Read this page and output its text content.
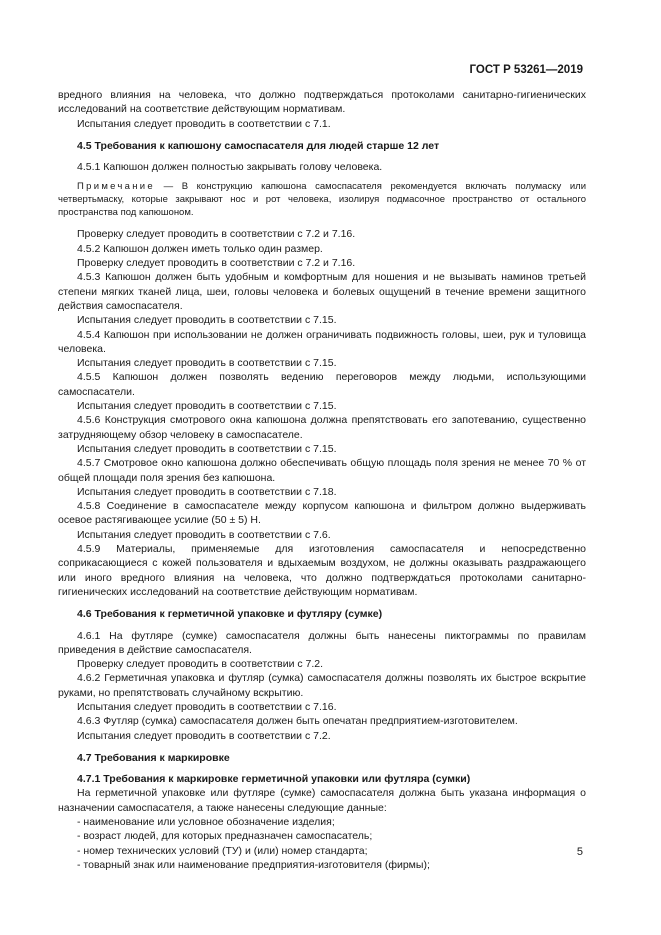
ГОСТ Р 53261—2019

вредного влияния на человека, что должно подтверждаться протоколами санитарно-гигиенических исследований на соответствие действующим нормативам.

Испытания следует проводить в соответствии с 7.1.

4.5 Требования к капюшону самоспасателя для людей старше 12 лет

4.5.1 Капюшон должен полностью закрывать голову человека.

Примечание — В конструкцию капюшона самоспасателя рекомендуется включать полумаску или четвертьмаску, которые закрывают нос и рот человека, изолируя подмасочное пространство от остального пространства под капюшоном.

Проверку следует проводить в соответствии с 7.2 и 7.16.

4.5.2 Капюшон должен иметь только один размер.

Проверку следует проводить в соответствии с 7.2 и 7.16.

4.5.3 Капюшон должен быть удобным и комфортным для ношения и не вызывать наминов третьей степени мягких тканей лица, шеи, головы человека и болевых ощущений в течение времени защитного действия самоспасателя.

Испытания следует проводить в соответствии с 7.15.

4.5.4 Капюшон при использовании не должен ограничивать подвижность головы, шеи, рук и туловища человека.

Испытания следует проводить в соответствии с 7.15.

4.5.5 Капюшон должен позволять ведению переговоров между людьми, использующими самоспасатели.

Испытания следует проводить в соответствии с 7.15.

4.5.6 Конструкция смотрового окна капюшона должна препятствовать его запотеванию, существенно затрудняющему обзор человеку в самоспасателе.

Испытания следует проводить в соответствии с 7.15.

4.5.7 Смотровое окно капюшона должно обеспечивать общую площадь поля зрения не менее 70 % от общей площади поля зрения без капюшона.

Испытания следует проводить в соответствии с 7.18.

4.5.8 Соединение в самоспасателе между корпусом капюшона и фильтром должно выдерживать осевое растягивающее усилие (50 ± 5) Н.

Испытания следует проводить в соответствии с 7.6.

4.5.9 Материалы, применяемые для изготовления самоспасателя и непосредственно соприкасающиеся с кожей пользователя и вдыхаемым воздухом, не должны оказывать раздражающего или иного вредного влияния на человека, что должно подтверждаться протоколами санитарно-гигиенических исследований на соответствие действующим нормативам.

4.6 Требования к герметичной упаковке и футляру (сумке)

4.6.1 На футляре (сумке) самоспасателя должны быть нанесены пиктограммы по правилам приведения в действие самоспасателя.

Проверку следует проводить в соответствии с 7.2.

4.6.2 Герметичная упаковка и футляр (сумка) самоспасателя должны позволять их быстрое вскрытие руками, но препятствовать случайному вскрытию.

Испытания следует проводить в соответствии с 7.16.

4.6.3 Футляр (сумка) самоспасателя должен быть опечатан предприятием-изготовителем.

Испытания следует проводить в соответствии с 7.2.

4.7 Требования к маркировке

4.7.1 Требования к маркировке герметичной упаковки или футляра (сумки)

На герметичной упаковке или футляре (сумке) самоспасателя должна быть указана информация о назначении самоспасателя, а также нанесены следующие данные:

- наименование или условное обозначение изделия;

- возраст людей, для которых предназначен самоспасатель;

- номер технических условий (ТУ) и (или) номер стандарта;

- товарный знак или наименование предприятия-изготовителя (фирмы);

5
